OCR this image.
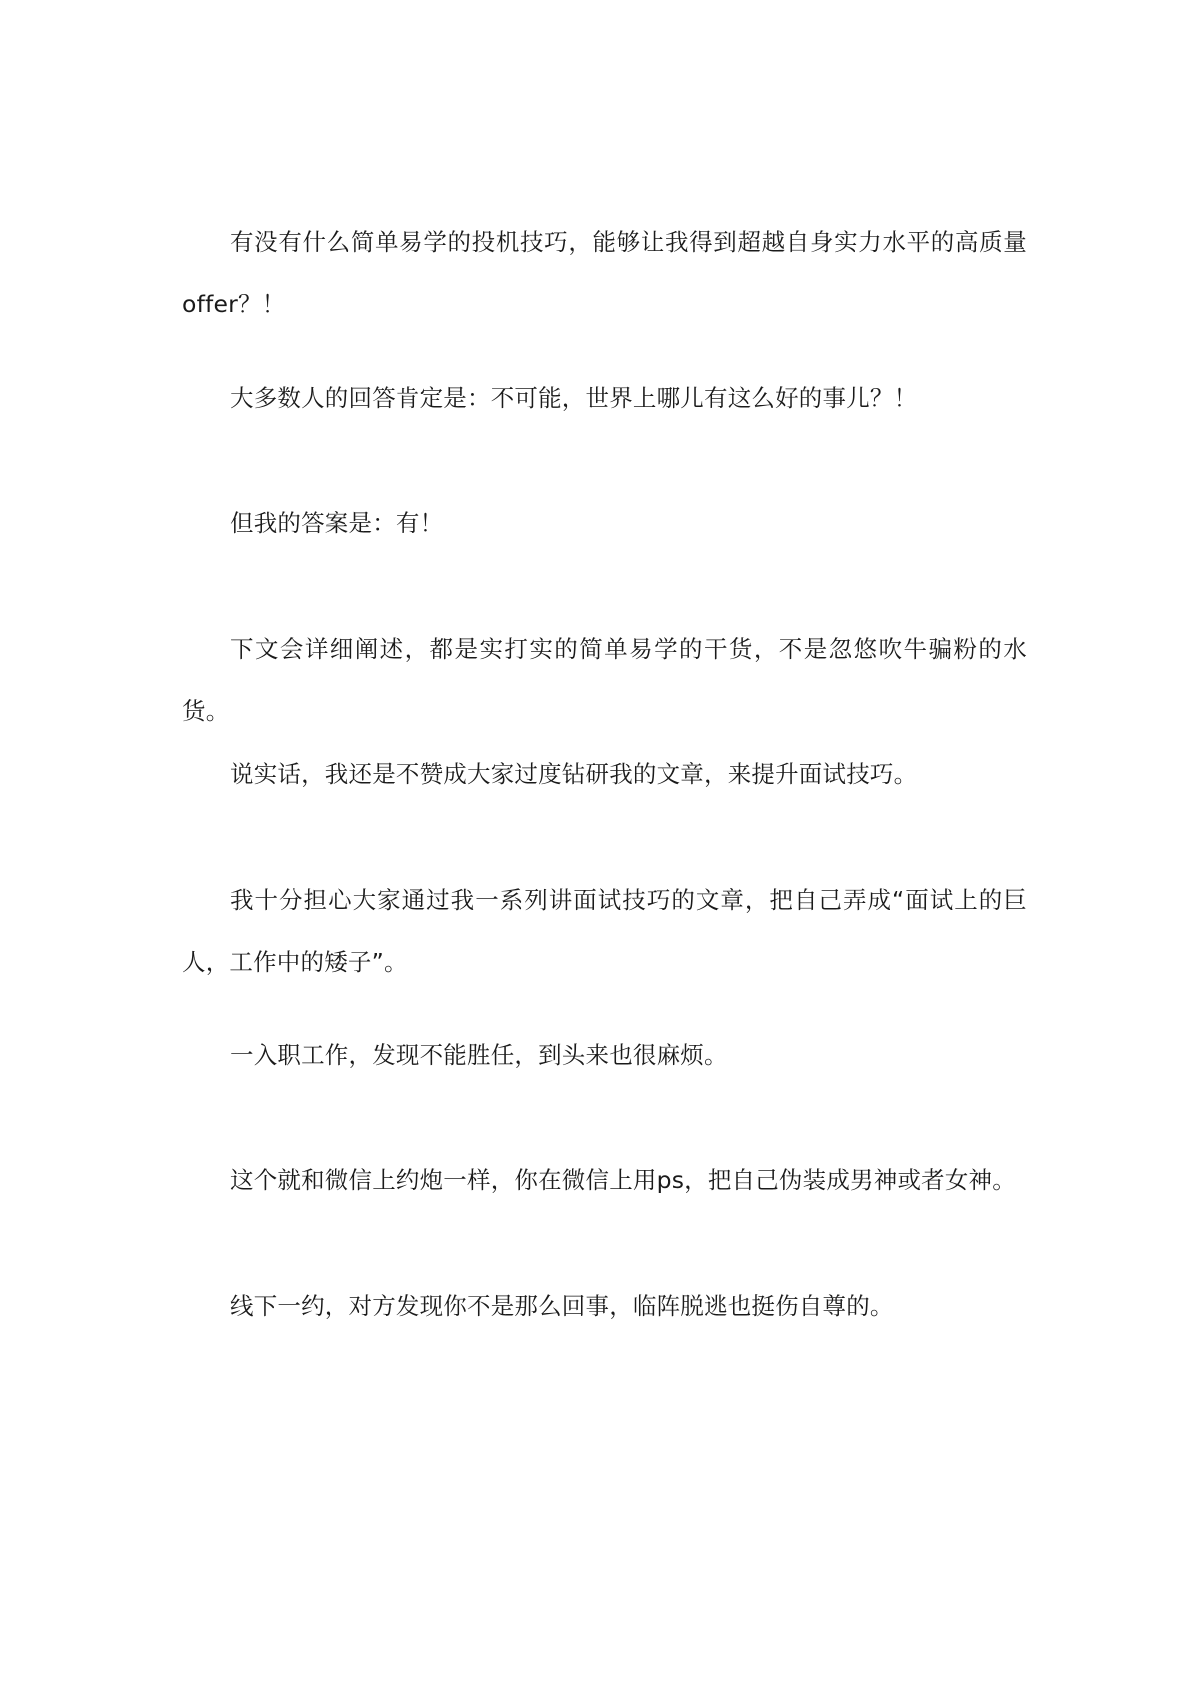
有没有什么简单易学的投机技巧，能够让我得到超越自身实力水平的高质量offer？！

大多数人的回答肯定是：不可能，世界上哪儿有这么好的事儿？！

但我的答案是：有！

下文会详细阐述，都是实打实的简单易学的干货，不是忽悠吹牛骗粉的水货。

说实话，我还是不赞成大家过度钻研我的文章，来提升面试技巧。

我十分担心大家通过我一系列讲面试技巧的文章，把自己弄成“面试上的巨人，工作中的矮子”。

一入职工作，发现不能胜任，到头来也很麻烦。

这个就和微信上约炮一样，你在微信上用ps，把自己伪装成男神或者女神。

线下一约，对方发现你不是那么回事，临阵脱逃也挺伤自尊的。
